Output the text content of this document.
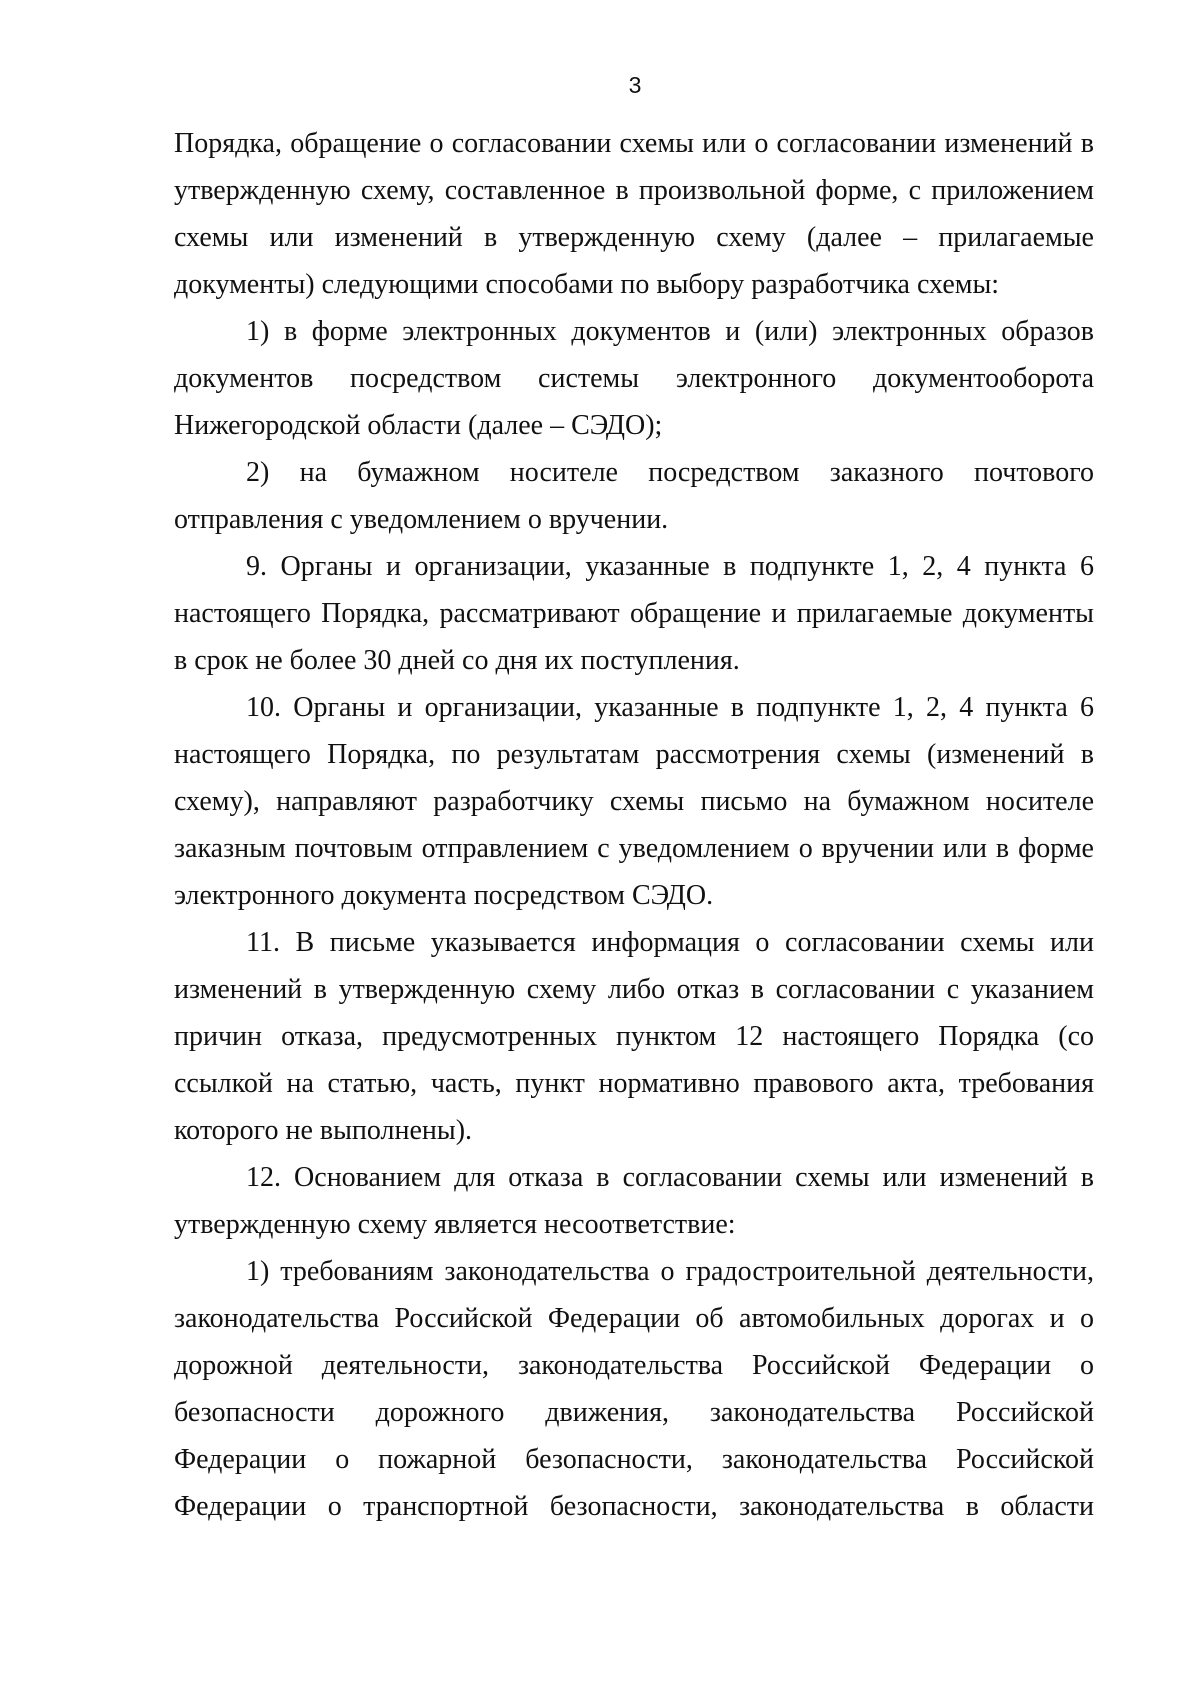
3

Порядка, обращение о согласовании схемы или о согласовании изменений в утвержденную схему, составленное в произвольной форме, с приложением схемы или изменений в утвержденную схему (далее – прилагаемые документы) следующими способами по выбору разработчика схемы:

1) в форме электронных документов и (или) электронных образов документов посредством системы электронного документооборота Нижегородской области (далее – СЭДО);

2) на бумажном носителе посредством заказного почтового отправления с уведомлением о вручении.

9. Органы и организации, указанные в подпункте 1, 2, 4 пункта 6 настоящего Порядка, рассматривают обращение и прилагаемые документы в срок не более 30 дней со дня их поступления.

10. Органы и организации, указанные в подпункте 1, 2, 4 пункта 6 настоящего Порядка, по результатам рассмотрения схемы (изменений в схему), направляют разработчику схемы письмо на бумажном носителе заказным почтовым отправлением с уведомлением о вручении или в форме электронного документа посредством СЭДО.

11. В письме указывается информация о согласовании схемы или изменений в утвержденную схему либо отказ в согласовании с указанием причин отказа, предусмотренных пунктом 12 настоящего Порядка (со ссылкой на статью, часть, пункт нормативно правового акта, требования которого не выполнены).

12. Основанием для отказа в согласовании схемы или изменений в утвержденную схему является несоответствие:

1) требованиям законодательства о градостроительной деятельности, законодательства Российской Федерации об автомобильных дорогах и о дорожной деятельности, законодательства Российской Федерации о безопасности дорожного движения, законодательства Российской Федерации о пожарной безопасности, законодательства Российской Федерации о транспортной безопасности, законодательства в области
